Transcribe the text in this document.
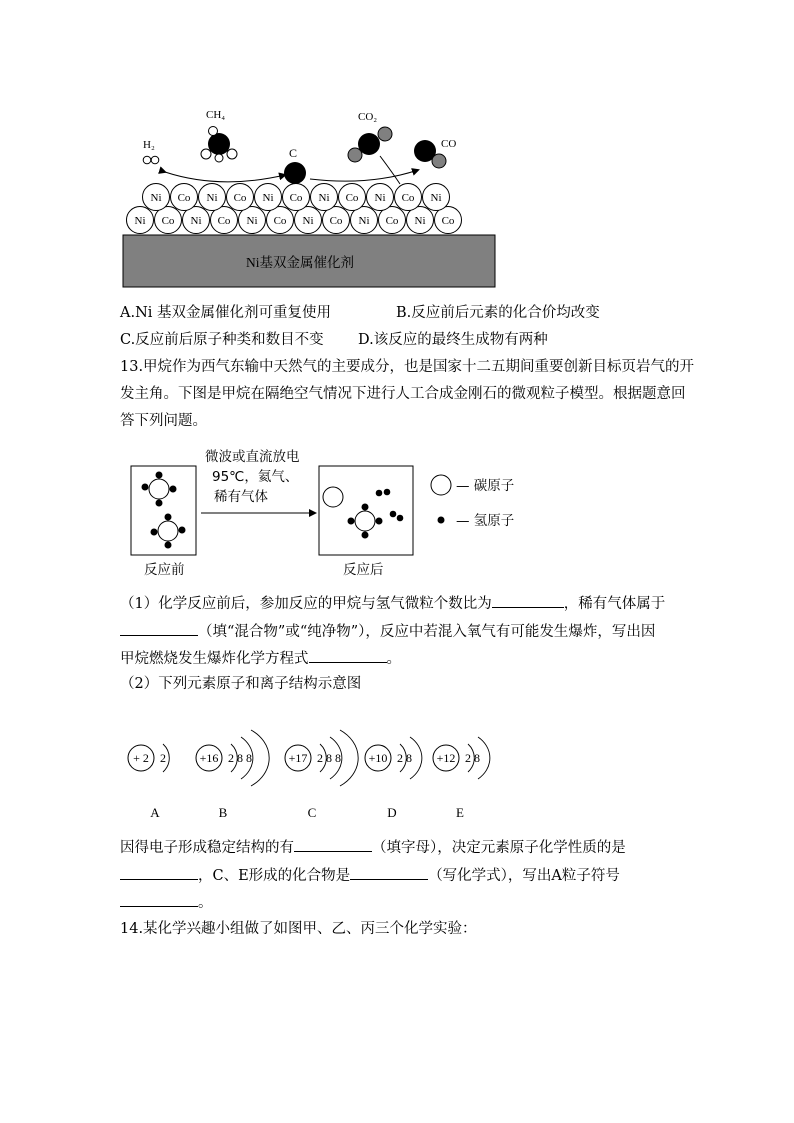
Ni基双金属催化剂
Ni Co Ni Co Ni Co Ni Co Ni Co Ni Co
Ni Co Ni Co Ni Co Ni Co Ni Co Ni
CH₄
H₂
C
CO₂
CO
A.Ni 基双金属催化剂可重复使用	B.反应前后元素的化合价均改变
C.反应前后原子种类和数目不变 D.该反应的最终生成物有两种
13.甲烷作为西气东输中天然气的主要成分，也是国家十二五期间重要创新目标页岩气的开
发主角。下图是甲烷在隔绝空气情况下进行人工合成金刚石的微观粒子模型。根据题意回
答下列问题。
微波或直流放电
95℃，氦气、
稀有气体
— 碳原子
— 氢原子
反应前	反应后
（1）化学反应前后，参加反应的甲烷与氢气微粒个数比为	，稀有气体属于
（填“混合物”或“纯净物”），反应中若混入氧气有可能发生爆炸，写出因
甲烷燃烧发生爆炸化学方程式	。
（2）下列元素原子和离子结构示意图
+ 2 2
A
+16 2 8 8
B
+17 2 8 8
C
+10 2 8
D
+12 2 8
E
因得电子形成稳定结构的有	（填字母），决定元素原子化学性质的是
，C、E形成的化合物是	（写化学式），写出A粒子符号
。
14.某化学兴趣小组做了如图甲、乙、丙三个化学实验：
